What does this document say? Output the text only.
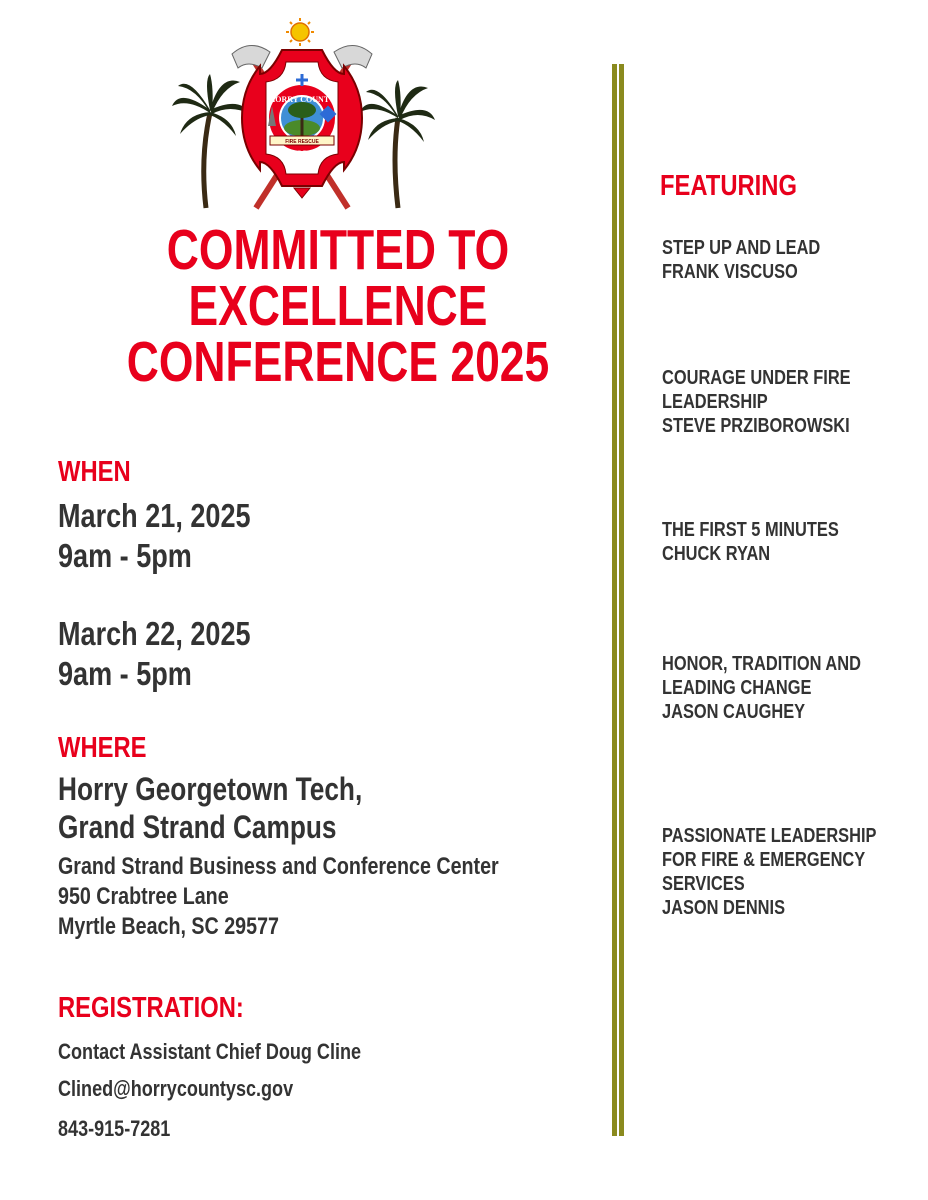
HORRY COUNTY
FIRE RESCUE
SC
COMMITTED TO
EXCELLENCE
CONFERENCE 2025
WHEN
March 21, 2025
9am - 5pm
March 22, 2025
9am - 5pm
WHERE
Horry Georgetown Tech,
Grand Strand Campus
Grand Strand Business and Conference Center
950 Crabtree Lane
Myrtle Beach, SC 29577
REGISTRATION:
Contact Assistant Chief Doug Cline
Clined@horrycountysc.gov
843-915-7281
FEATURING
STEP UP AND LEAD
FRANK VISCUSO
COURAGE UNDER FIRE
LEADERSHIP
STEVE PRZIBOROWSKI
THE FIRST 5 MINUTES
CHUCK RYAN
HONOR, TRADITION AND
LEADING CHANGE
JASON CAUGHEY
PASSIONATE LEADERSHIP
FOR FIRE & EMERGENCY
SERVICES
JASON DENNIS
